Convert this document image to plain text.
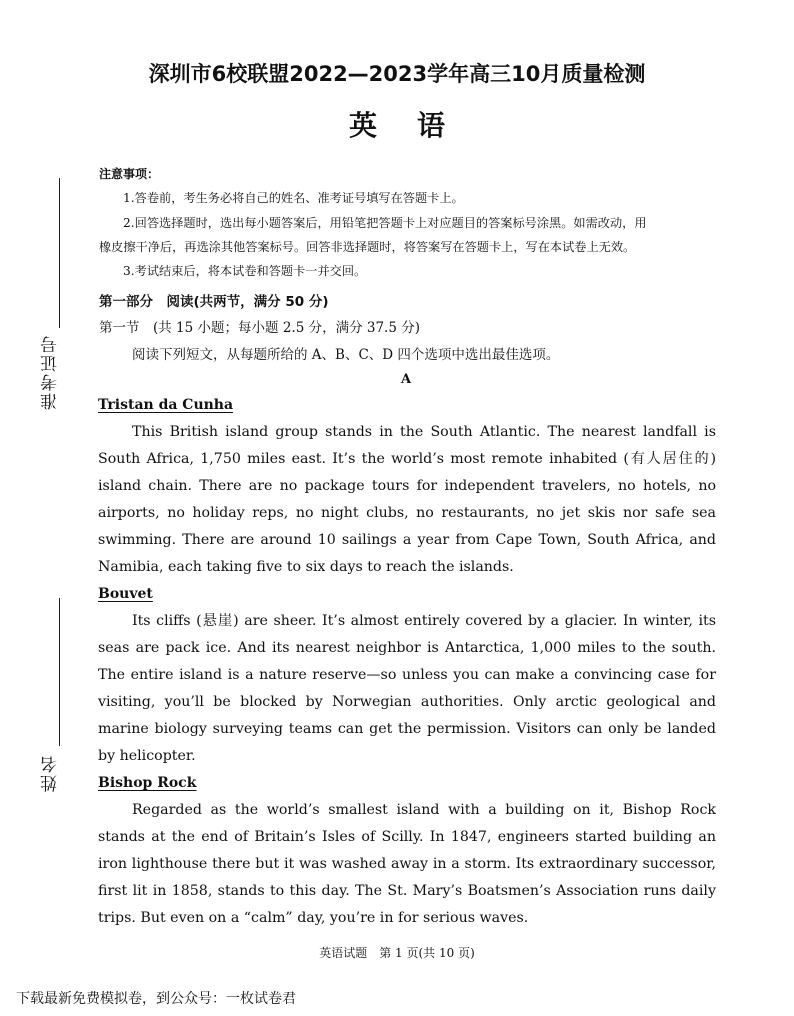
深圳市6校联盟2022—2023学年高三10月质量检测
英语
准考证号
姓名
注意事项：
1.答卷前，考生务必将自己的姓名、准考证号填写在答题卡上。
2.回答选择题时，选出每小题答案后，用铅笔把答题卡上对应题目的答案标号涂黑。如需改动，用
橡皮擦干净后，再选涂其他答案标号。回答非选择题时，将答案写在答题卡上，写在本试卷上无效。
3.考试结束后，将本试卷和答题卡一并交回。
第一部分　阅读(共两节，满分 50 分)
第一节　(共 15 小题；每小题 2.5 分，满分 37.5 分)
阅读下列短文，从每题所给的 A、B、C、D 四个选项中选出最佳选项。
A
Tristan da Cunha
This British island group stands in the South Atlantic. The nearest landfall is South Africa, 1,750 miles east. It’s the world’s most remote inhabited (有人居住的) island chain. There are no package tours for independent travelers, no hotels, no airports, no holiday reps, no night clubs, no restaurants, no jet skis nor safe sea swimming. There are around 10 sailings a year from Cape Town, South Africa, and Namibia, each taking five to six days to reach the islands.
Bouvet
Its cliffs (悬崖) are sheer. It’s almost entirely covered by a glacier. In winter, its seas are pack ice. And its nearest neighbor is Antarctica, 1,000 miles to the south. The entire island is a nature reserve—so unless you can make a convincing case for visiting, you’ll be blocked by Norwegian authorities. Only arctic geological and marine biology surveying teams can get the permission. Visitors can only be landed by helicopter.
Bishop Rock
Regarded as the world’s smallest island with a building on it, Bishop Rock stands at the end of Britain’s Isles of Scilly. In 1847, engineers started building an iron lighthouse there but it was washed away in a storm. Its extraordinary successor, first lit in 1858, stands to this day. The St. Mary’s Boatsmen’s Association runs daily trips. But even on a “calm” day, you’re in for serious waves.
英语试题　第 1 页(共 10 页)
下载最新免费模拟卷，到公众号：一枚试卷君
